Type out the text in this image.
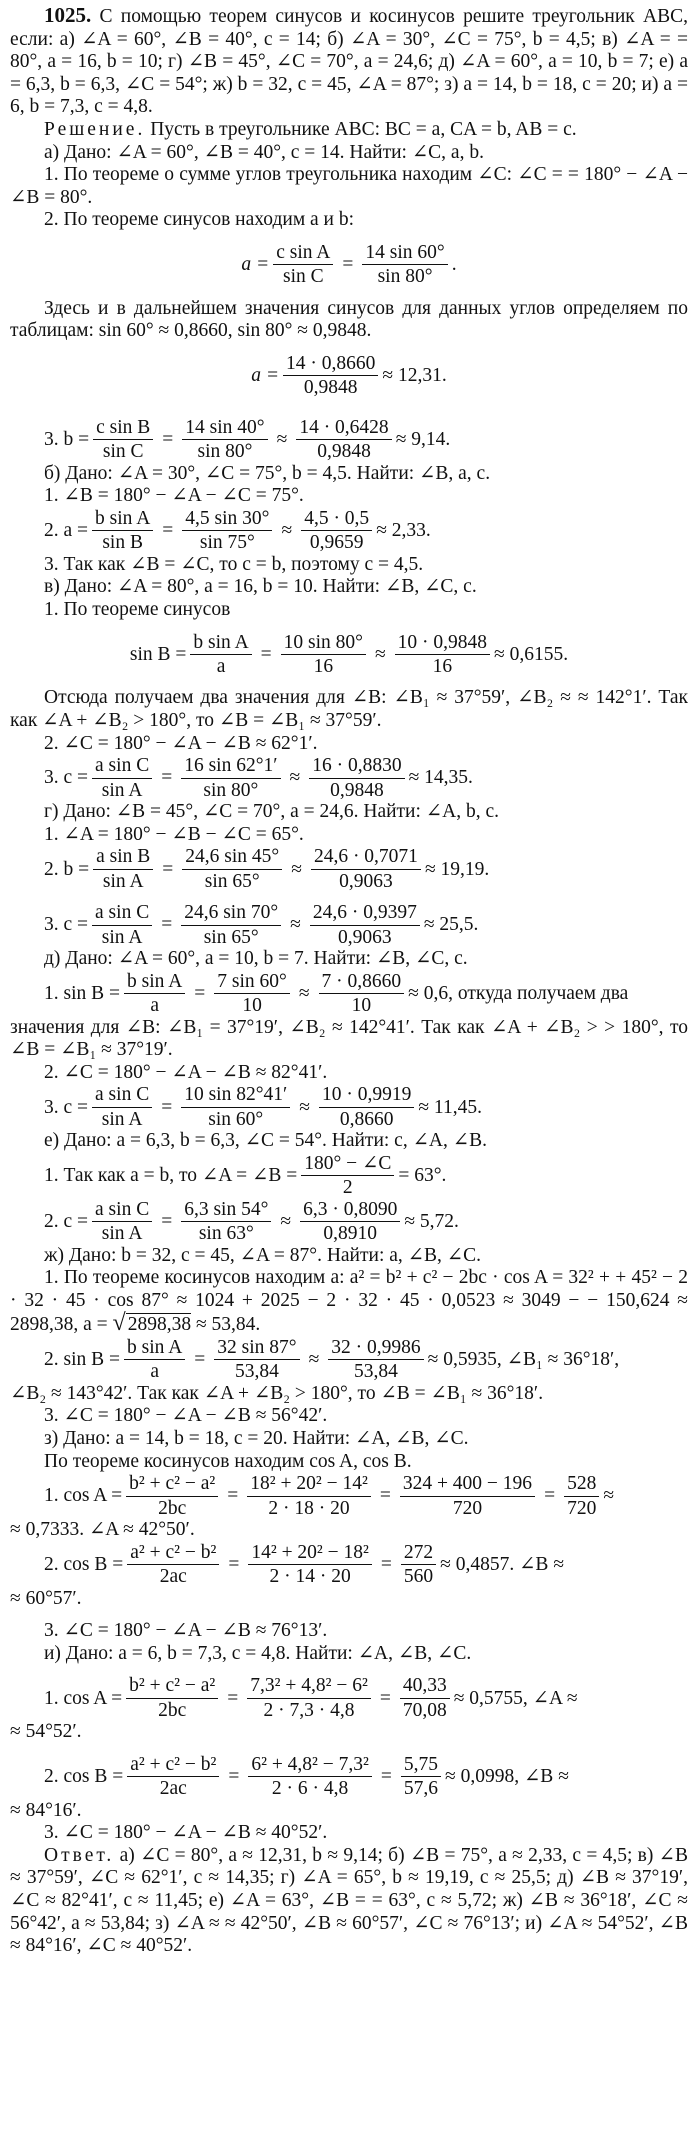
1025. С помощью теорем синусов и косинусов решите треугольник ABC, если: а) ∠A = 60°, ∠B = 40°, c = 14; б) ∠A = 30°, ∠C = 75°, b = 4,5; в) ∠A = = 80°, a = 16, b = 10; г) ∠B = 45°, ∠C = 70°, a = 24,6; д) ∠A = 60°, a = 10, b = 7; е) a = 6,3, b = 6,3, ∠C = 54°; ж) b = 32, c = 45, ∠A = 87°; з) a = 14, b = 18, c = 20; и) a = 6, b = 7,3, c = 4,8.
Решение. Пусть в треугольнике ABC: BC = a, CA = b, AB = c.
а) Дано: ∠A = 60°, ∠B = 40°, c = 14. Найти: ∠C, a, b.
1. По теореме о сумме углов треугольника находим ∠C: ∠C = = 180° − ∠A − ∠B = 80°.
2. По теореме синусов находим a и b:
$a = \frac{\text{c sin A}}{\text{sin C}} = \frac{14 \sin 60^\circ}{\sin 80^\circ}$ .
Здесь и в дальнейшем значения синусов для данных углов определяем по таблицам: sin 60° ≈ 0,8660, sin 80° ≈ 0,9848.
$a = \frac{14 \cdot 0,8660}{0,9848} \approx 12,31$.
3. $b = \frac{\text{c sin B}}{\text{sin C}} = \frac{14 \sin 40^\circ}{\sin 80^\circ} \approx \frac{14 \cdot 0,6428}{0,9848} \approx 9,14$.
б) Дано: ∠A = 30°, ∠C = 75°, b = 4,5. Найти: ∠B, a, c.
1. ∠B = 180° − ∠A − ∠C = 75°.
2. $a = \frac{\text{b sin A}}{\text{sin B}} = \frac{4,5 \sin 30^\circ}{\sin 75^\circ} \approx \frac{4,5 \cdot 0,5}{0,9659} \approx 2,33$.
3. Так как ∠B = ∠C, то c = b, поэтому c = 4,5.
в) Дано: ∠A = 80°, a = 16, b = 10. Найти: ∠B, ∠C, c.
1. По теореме синусов
$\sin B = \frac{\text{b sin A}}{a} = \frac{10 \sin 80^\circ}{16} \approx \frac{10 \cdot 0,9848}{16} \approx 0,6155$.
Отсюда получаем два значения для ∠B: ∠B₁ ≈ 37°59′, ∠B₂ ≈ ≈ 142°1′. Так как ∠A + ∠B₂ > 180°, то ∠B = ∠B₁ ≈ 37°59′.
2. ∠C = 180° − ∠A − ∠B ≈ 62°1′.
3. $c = \frac{\text{a sin C}}{\text{sin A}} = \frac{16 \sin 62^\circ 1'}{\sin 80^\circ} \approx \frac{16 \cdot 0,8830}{0,9848} \approx 14,35$.
г) Дано: ∠B = 45°, ∠C = 70°, a = 24,6. Найти: ∠A, b, c.
1. ∠A = 180° − ∠B − ∠C = 65°.
2. $b = \frac{\text{a sin B}}{\text{sin A}} = \frac{24,6 \sin 45^\circ}{\sin 65^\circ} \approx \frac{24,6 \cdot 0,7071}{0,9063} \approx 19,19$.
3. $c = \frac{\text{a sin C}}{\text{sin A}} = \frac{24,6 \sin 70^\circ}{\sin 65^\circ} \approx \frac{24,6 \cdot 0,9397}{0,9063} \approx 25,5$.
д) Дано: ∠A = 60°, a = 10, b = 7. Найти: ∠B, ∠C, c.
1. $\sin B = \frac{\text{b sin A}}{a} = \frac{7 \sin 60^\circ}{10} \approx \frac{7 \cdot 0,8660}{10} \approx 0,6$, откуда получаем два
значения для ∠B: ∠B₁ = 37°19′, ∠B₂ ≈ 142°41′. Так как ∠A + ∠B₂ > > 180°, то ∠B = ∠B₁ ≈ 37°19′.
2. ∠C = 180° − ∠A − ∠B ≈ 82°41′.
3. $c = \frac{\text{a sin C}}{\text{sin A}} = \frac{10 \sin 82^\circ 41'}{\sin 60^\circ} \approx \frac{10 \cdot 0,9919}{0,8660} \approx 11,45$.
е) Дано: a = 6,3, b = 6,3, ∠C = 54°. Найти: c, ∠A, ∠B.
1. Так как a = b, то ∠A = ∠B = $\frac{180^\circ - \angle C}{2} = 63^\circ$.
2. $c = \frac{\text{a sin C}}{\text{sin A}} = \frac{6,3 \sin 54^\circ}{\sin 63^\circ} \approx \frac{6,3 \cdot 0,8090}{0,8910} \approx 5,72$.
ж) Дано: b = 32, c = 45, ∠A = 87°. Найти: a, ∠B, ∠C.
1. По теореме косинусов находим a: a² = b² + c² − 2bc · cos A = 32² + + 45² − 2 · 32 · 45 · cos 87° ≈ 1024 + 2025 − 2 · 32 · 45 · 0,0523 ≈ 3049 − − 150,624 ≈ 2898,38, a = √ 2898,38 ≈ 53,84.
2. $\sin B = \frac{\text{b sin A}}{a} = \frac{32 \sin 87^\circ}{53,84} \approx \frac{32 \cdot 0,9986}{53,84} \approx 0,5935$, ∠B₁ ≈ 36°18′,
∠B₂ ≈ 143°42′. Так как ∠A + ∠B₂ > 180°, то ∠B = ∠B₁ ≈ 36°18′.
3. ∠C = 180° − ∠A − ∠B ≈ 56°42′.
з) Дано: a = 14, b = 18, c = 20. Найти: ∠A, ∠B, ∠C.
По теореме косинусов находим cos A, cos B.
1. $\cos A = \frac{\text{b² + c² − a²}}{2bc} = \frac{\text{18² + 20² − 14²}}{2 \cdot 18 \cdot 20} = \frac{324 + 400 - 196}{720} = \frac{528}{720}$ ≈
≈ 0,7333. ∠A ≈ 42°50′.
2. $\cos B = \frac{\text{a² + c² − b²}}{2ac} = \frac{\text{14² + 20² − 18²}}{2 \cdot 14 \cdot 20} = \frac{272}{560} \approx 0,4857$. ∠B ≈
≈ 60°57′.
3. ∠C = 180° − ∠A − ∠B ≈ 76°13′.
и) Дано: a = 6, b = 7,3, c = 4,8. Найти: ∠A, ∠B, ∠C.
1. $\cos A = \frac{\text{b² + c² − a²}}{2bc} = \frac{\text{7,3² + 4,8² − 6²}}{2 \cdot 7,3 \cdot 4,8} = \frac{40,33}{70,08} \approx 0,5755$, ∠A ≈
≈ 54°52′.
2. $\cos B = \frac{\text{a² + c² − b²}}{2ac} = \frac{\text{6² + 4,8² − 7,3²}}{2 \cdot 6 \cdot 4,8} = \frac{5,75}{57,6} \approx 0,0998$, ∠B ≈
≈ 84°16′.
3. ∠C = 180° − ∠A − ∠B ≈ 40°52′.
Ответ. а) ∠C = 80°, a ≈ 12,31, b ≈ 9,14; б) ∠B = 75°, a ≈ 2,33, c = 4,5; в) ∠B ≈ 37°59′, ∠C ≈ 62°1′, c ≈ 14,35; г) ∠A = 65°, b ≈ 19,19, c ≈ 25,5; д) ∠B ≈ 37°19′, ∠C ≈ 82°41′, c ≈ 11,45; е) ∠A = 63°, ∠B = = 63°, c ≈ 5,72; ж) ∠B ≈ 36°18′, ∠C ≈ 56°42′, a ≈ 53,84; з) ∠A ≈ ≈ 42°50′, ∠B ≈ 60°57′, ∠C ≈ 76°13′; и) ∠A ≈ 54°52′, ∠B ≈ 84°16′, ∠C ≈ 40°52′.
